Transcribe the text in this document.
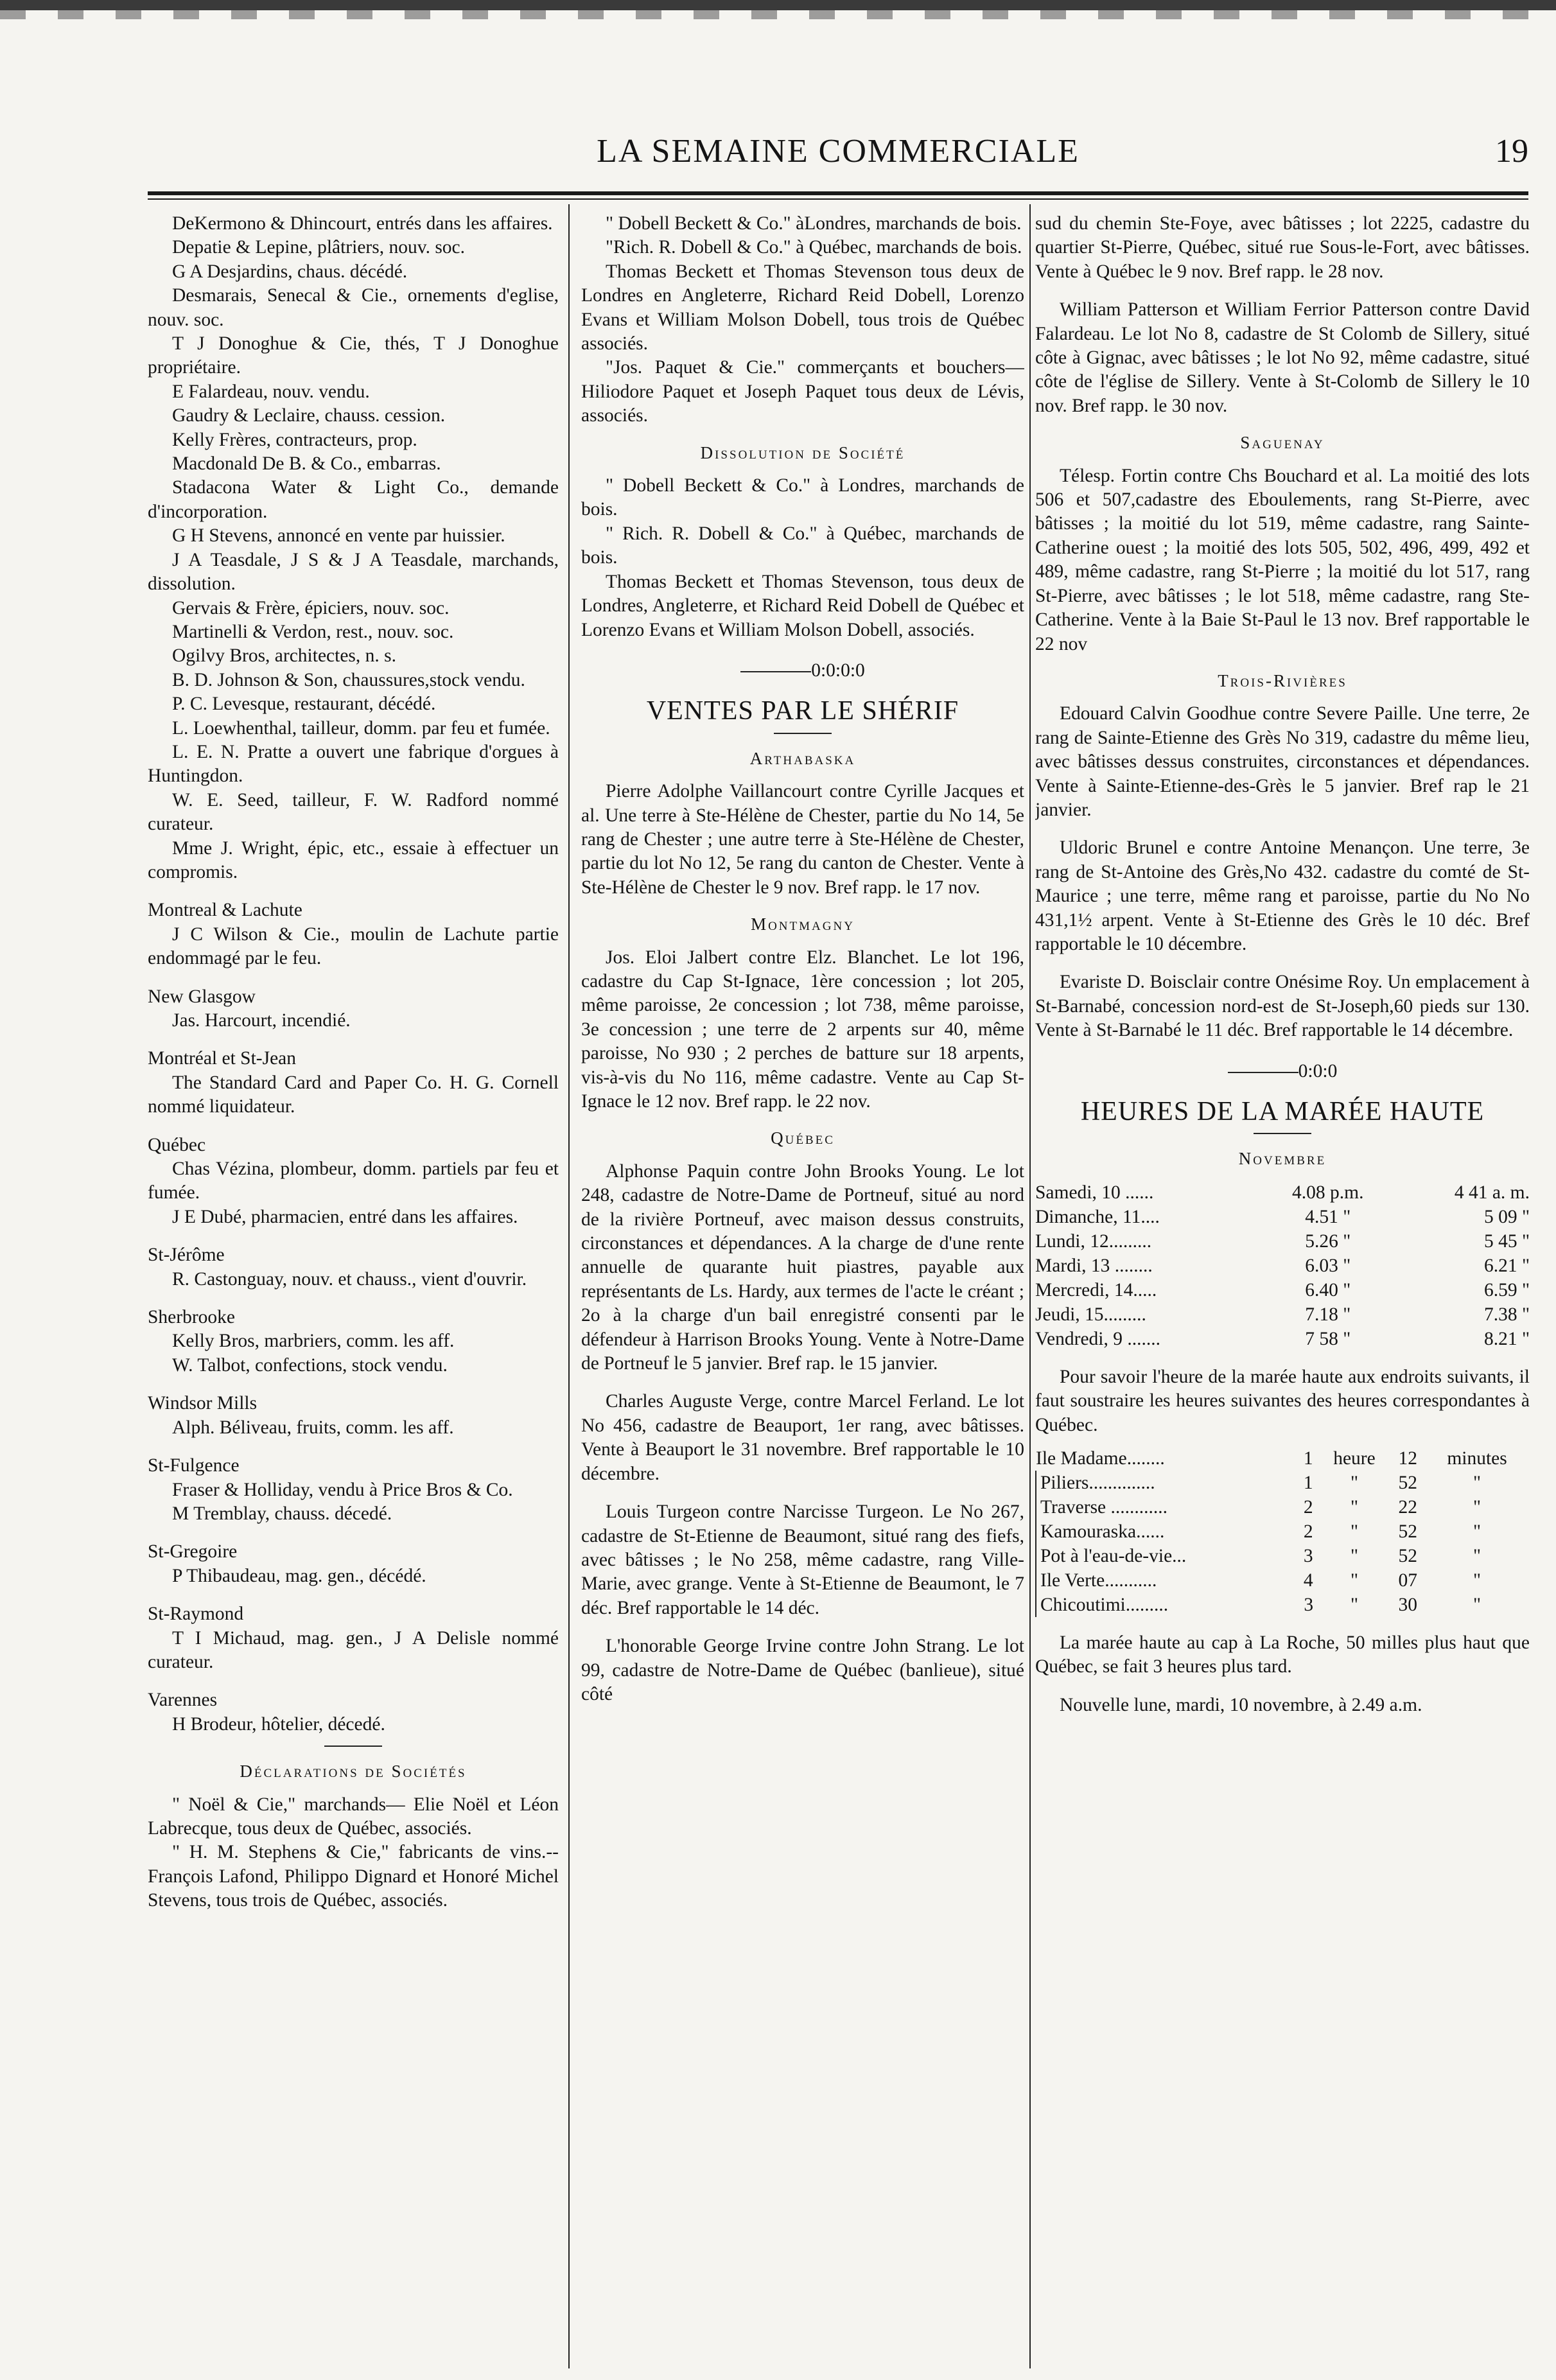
LA SEMAINE COMMERCIALE	19

DeKermono & Dhincourt, entrés dans les affaires.

Depatie & Lepine, plâtriers, nouv. soc.

G A Desjardins, chaus. décédé.

Desmarais, Senecal & Cie., ornements d'eglise, nouv. soc.

T J Donoghue & Cie, thés, T J Donoghue propriétaire.

E Falardeau, nouv. vendu.

Gaudry & Leclaire, chauss. cession.

Kelly Frères, contracteurs, prop.

Macdonald De B. & Co., embarras.

Stadacona Water & Light Co., demande d'incorporation.

G H Stevens, annoncé en vente par huissier.

J A Teasdale, J S & J A Teasdale, marchands, dissolution.

Gervais & Frère, épiciers, nouv. soc.

Martinelli & Verdon, rest., nouv. soc.

Ogilvy Bros, architectes, n. s.

B. D. Johnson & Son, chaussures,stock vendu.

P. C. Levesque, restaurant, décédé.

L. Loewhenthal, tailleur, domm. par feu et fumée.

L. E. N. Pratte a ouvert une fabrique d'orgues à Huntingdon.

W. E. Seed, tailleur, F. W. Radford nommé curateur.

Mme J. Wright, épic, etc., essaie à effectuer un compromis.

Montreal & Lachute

J C Wilson & Cie., moulin de Lachute partie endommagé par le feu.

New Glasgow

Jas. Harcourt, incendié.

Montréal et St-Jean

The Standard Card and Paper Co. H. G. Cornell nommé liquidateur.

Québec

Chas Vézina, plombeur, domm. partiels par feu et fumée.

J E Dubé, pharmacien, entré dans les affaires.

St-Jérôme

R. Castonguay, nouv. et chauss., vient d'ouvrir.

Sherbrooke

Kelly Bros, marbriers, comm. les aff.

W. Talbot, confections, stock vendu.

Windsor Mills

Alph. Béliveau, fruits, comm. les aff.

St-Fulgence

Fraser & Holliday, vendu à Price Bros & Co.

M Tremblay, chauss. décedé.

St-Gregoire

P Thibaudeau, mag. gen., décédé.

St-Raymond

T I Michaud, mag. gen., J A Delisle nommé curateur.

Varennes

H Brodeur, hôtelier, décedé.

Déclarations de Sociétés

" Noël & Cie," marchands— Elie Noël et Léon Labrecque, tous deux de Québec, associés.

" H. M. Stephens & Cie," fabricants de vins.--François Lafond, Philippo Dignard et Honoré Michel Stevens, tous trois de Québec, associés.

" Dobell Beckett & Co." àLondres, marchands de bois.

"Rich. R. Dobell & Co." à Québec, marchands de bois.

Thomas Beckett et Thomas Stevenson tous deux de Londres en Angleterre, Richard Reid Dobell, Lorenzo Evans et William Molson Dobell, tous trois de Québec associés.

"Jos. Paquet & Cie." commerçants et bouchers—Hiliodore Paquet et Joseph Paquet tous deux de Lévis, associés.

Dissolution de Société

" Dobell Beckett & Co." à Londres, marchands de bois.

" Rich. R. Dobell & Co." à Québec, marchands de bois.

Thomas Beckett et Thomas Stevenson, tous deux de Londres, Angleterre, et Richard Reid Dobell de Québec et Lorenzo Evans et William Molson Dobell, associés.

0:0:0:0

VENTES PAR LE SHÉRIF

Arthabaska

Pierre Adolphe Vaillancourt contre Cyrille Jacques et al. Une terre à Ste-Hélène de Chester, partie du No 14, 5e rang de Chester ; une autre terre à Ste-Hélène de Chester, partie du lot No 12, 5e rang du canton de Chester. Vente à Ste-Hélène de Chester le 9 nov. Bref rapp. le 17 nov.

Montmagny

Jos. Eloi Jalbert contre Elz. Blanchet. Le lot 196, cadastre du Cap St-Ignace, 1ère concession ; lot 205, même paroisse, 2e concession ; lot 738, même paroisse, 3e concession ; une terre de 2 arpents sur 40, même paroisse, No 930 ; 2 perches de batture sur 18 arpents, vis-à-vis du No 116, même cadastre. Vente au Cap St-Ignace le 12 nov. Bref rapp. le 22 nov.

Québec

Alphonse Paquin contre John Brooks Young. Le lot 248, cadastre de Notre-Dame de Portneuf, situé au nord de la rivière Portneuf, avec maison dessus construits, circonstances et dépendances. A la charge de d'une rente annuelle de quarante huit piastres, payable aux représentants de Ls. Hardy, aux termes de l'acte le créant ; 2o à la charge d'un bail enregistré consenti par le défendeur à Harrison Brooks Young. Vente à Notre-Dame de Portneuf le 5 janvier. Bref rap. le 15 janvier.

Charles Auguste Verge, contre Marcel Ferland. Le lot No 456, cadastre de Beauport, 1er rang, avec bâtisses. Vente à Beauport le 31 novembre. Bref rapportable le 10 décembre.

Louis Turgeon contre Narcisse Turgeon. Le No 267, cadastre de St-Etienne de Beaumont, situé rang des fiefs, avec bâtisses ; le No 258, même cadastre, rang Ville-Marie, avec grange. Vente à St-Etienne de Beaumont, le 7 déc. Bref rapportable le 14 déc.

L'honorable George Irvine contre John Strang. Le lot 99, cadastre de Notre-Dame de Québec (banlieue), situé côté

sud du chemin Ste-Foye, avec bâtisses ; lot 2225, cadastre du quartier St-Pierre, Québec, situé rue Sous-le-Fort, avec bâtisses. Vente à Québec le 9 nov. Bref rapp. le 28 nov.

William Patterson et William Ferrior Patterson contre David Falardeau. Le lot No 8, cadastre de St Colomb de Sillery, situé côte à Gignac, avec bâtisses ; le lot No 92, même cadastre, situé côte de l'église de Sillery. Vente à St-Colomb de Sillery le 10 nov. Bref rapp. le 30 nov.

Saguenay

Télesp. Fortin contre Chs Bouchard et al. La moitié des lots 506 et 507,cadastre des Eboulements, rang St-Pierre, avec bâtisses ; la moitié du lot 519, même cadastre, rang Sainte-Catherine ouest ; la moitié des lots 505, 502, 496, 499, 492 et 489, même cadastre, rang St-Pierre ; la moitié du lot 517, rang St-Pierre, avec bâtisses ; le lot 518, même cadastre, rang Ste-Catherine. Vente à la Baie St-Paul le 13 nov. Bref rapportable le 22 nov

Trois-Rivières

Edouard Calvin Goodhue contre Severe Paille. Une terre, 2e rang de Sainte-Etienne des Grès No 319, cadastre du même lieu, avec bâtisses dessus construites, circonstances et dépendances. Vente à Sainte-Etienne-des-Grès le 5 janvier. Bref rap le 21 janvier.

Uldoric Brunel e contre Antoine Menançon. Une terre, 3e rang de St-Antoine des Grès,No 432. cadastre du comté de St-Maurice ; une terre, même rang et paroisse, partie du No No 431,1½ arpent. Vente à St-Etienne des Grès le 10 déc. Bref rapportable le 10 décembre.

Evariste D. Boisclair contre Onésime Roy. Un emplacement à St-Barnabé, concession nord-est de St-Joseph,60 pieds sur 130. Vente à St-Barnabé le 11 déc. Bref rapportable le 14 décembre.

0:0:0

HEURES DE LA MARÉE HAUTE

Novembre

Samedi, 10 ......	4.08 p.m.	4 41 a. m.
Dimanche, 11....	4.51 "	5 09 "
Lundi, 12.........	5.26 "	5 45 "
Mardi, 13 ........	6.03 "	6.21 "
Mercredi, 14.....	6.40 "	6.59 "
Jeudi, 15.........	7.18 "	7.38 "
Vendredi, 9 .......	7 58 "	8.21 "

Pour savoir l'heure de la marée haute aux endroits suivants, il faut soustraire les heures suivantes des heures correspondantes à Québec.

Ile Madame........	1	heure	12	minutes
Piliers..............	1	"	52	"
Traverse ............	2	"	22	"
Kamouraska......	2	"	52	"
Pot à l'eau-de-vie...	3	"	52	"
Ile Verte...........	4	"	07	"
Chicoutimi.........	3	"	30	"

La marée haute au cap à La Roche, 50 milles plus haut que Québec, se fait 3 heures plus tard.

Nouvelle lune, mardi, 10 novembre, à 2.49 a.m.
